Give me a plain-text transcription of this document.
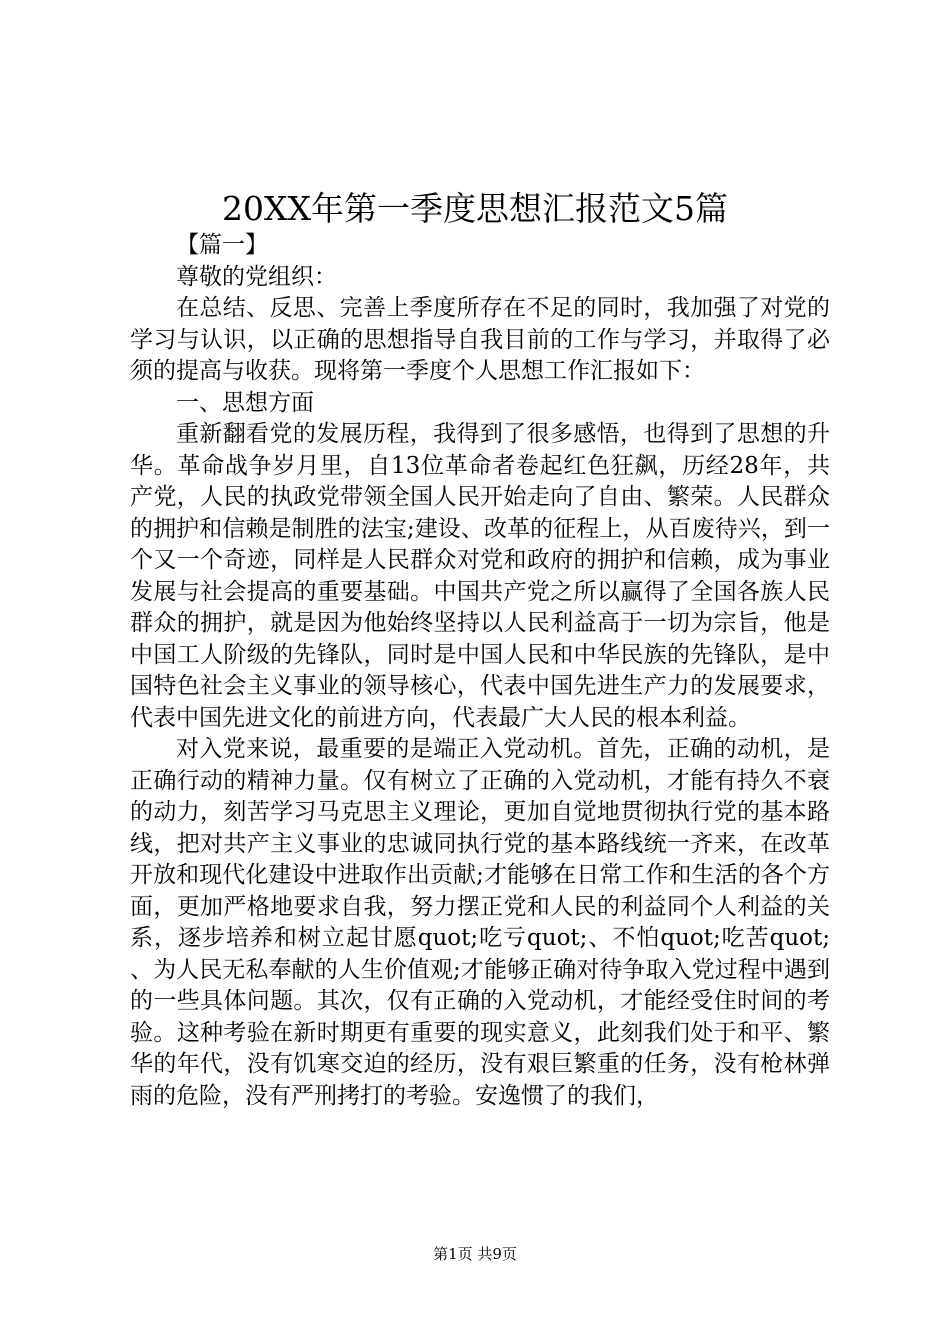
20XX年第一季度思想汇报范文5篇

【篇一】

尊敬的党组织：

在总结、反思、完善上季度所存在不足的同时，我加强了对党的学习与认识，以正确的思想指导自我目前的工作与学习，并取得了必须的提高与收获。现将第一季度个人思想工作汇报如下：

一、思想方面

重新翻看党的发展历程，我得到了很多感悟，也得到了思想的升华。革命战争岁月里，自13位革命者卷起红色狂飙，历经28年，共产党，人民的执政党带领全国人民开始走向了自由、繁荣。人民群众的拥护和信赖是制胜的法宝;建设、改革的征程上，从百废待兴，到一个又一个奇迹，同样是人民群众对党和政府的拥护和信赖，成为事业发展与社会提高的重要基础。中国共产党之所以赢得了全国各族人民群众的拥护，就是因为他始终坚持以人民利益高于一切为宗旨，他是中国工人阶级的先锋队，同时是中国人民和中华民族的先锋队，是中国特色社会主义事业的领导核心，代表中国先进生产力的发展要求，代表中国先进文化的前进方向，代表最广大人民的根本利益。

对入党来说，最重要的是端正入党动机。首先，正确的动机，是正确行动的精神力量。仅有树立了正确的入党动机，才能有持久不衰的动力，刻苦学习马克思主义理论，更加自觉地贯彻执行党的基本路线，把对共产主义事业的忠诚同执行党的基本路线统一齐来，在改革开放和现代化建设中进取作出贡献;才能够在日常工作和生活的各个方面，更加严格地要求自我，努力摆正党和人民的利益同个人利益的关系，逐步培养和树立起甘愿quot;吃亏quot;、不怕quot;吃苦quot;、为人民无私奉献的人生价值观;才能够正确对待争取入党过程中遇到的一些具体问题。其次，仅有正确的入党动机，才能经受住时间的考验。这种考验在新时期更有重要的现实意义，此刻我们处于和平、繁华的年代，没有饥寒交迫的经历，没有艰巨繁重的任务，没有枪林弹雨的危险，没有严刑拷打的考验。安逸惯了的我们，

第1页 共9页
